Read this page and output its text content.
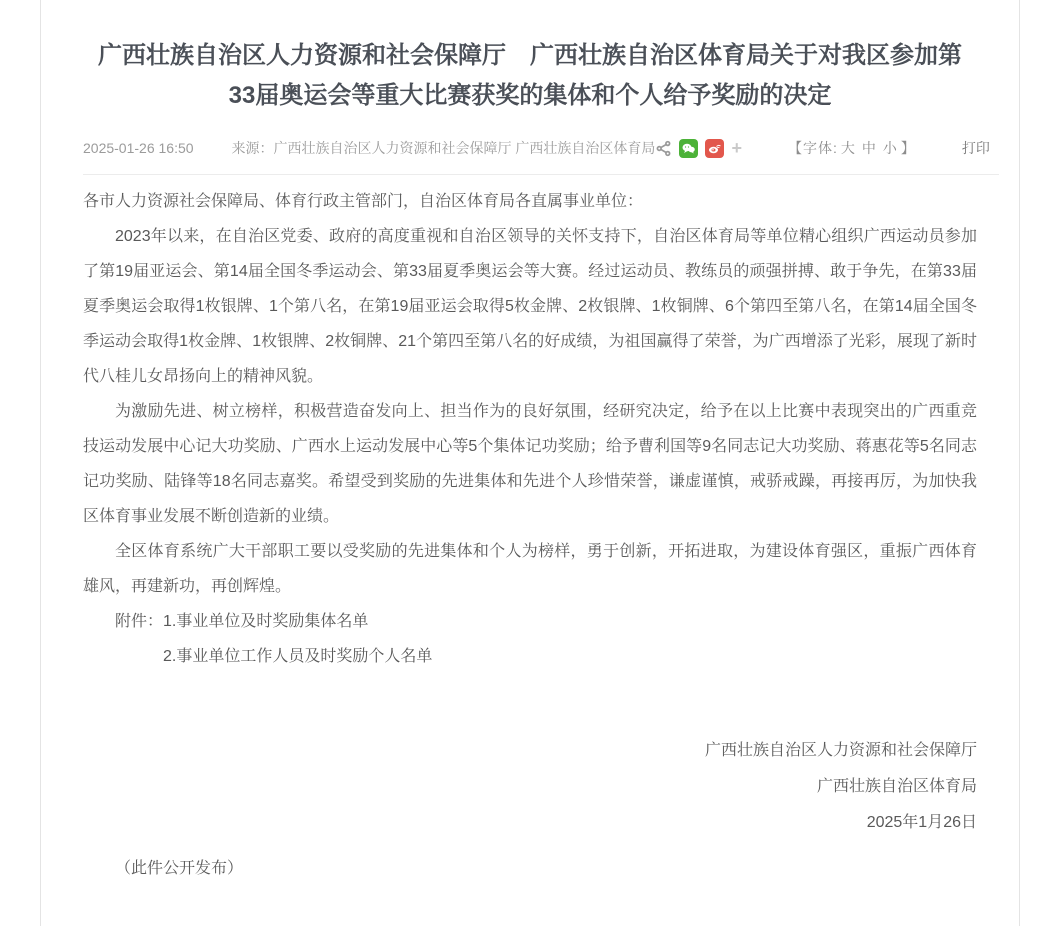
广西壮族自治区人力资源和社会保障厅　广西壮族自治区体育局关于对我区参加第33届奥运会等重大比赛获奖的集体和个人给予奖励的决定
2025-01-26 16:50	来源：广西壮族自治区人力资源和社会保障厅 广西壮族自治区体育局	+	【字体: 大 中 小 】	打印

各市人力资源社会保障局、体育行政主管部门，自治区体育局各直属事业单位：

2023年以来，在自治区党委、政府的高度重视和自治区领导的关怀支持下，自治区体育局等单位精心组织广西运动员参加了第19届亚运会、第14届全国冬季运动会、第33届夏季奥运会等大赛。经过运动员、教练员的顽强拼搏、敢于争先，在第33届夏季奥运会取得1枚银牌、1个第八名，在第19届亚运会取得5枚金牌、2枚银牌、1枚铜牌、6个第四至第八名，在第14届全国冬季运动会取得1枚金牌、1枚银牌、2枚铜牌、21个第四至第八名的好成绩，为祖国赢得了荣誉，为广西增添了光彩，展现了新时代八桂儿女昂扬向上的精神风貌。

为激励先进、树立榜样，积极营造奋发向上、担当作为的良好氛围，经研究决定，给予在以上比赛中表现突出的广西重竞技运动发展中心记大功奖励、广西水上运动发展中心等5个集体记功奖励；给予曹利国等9名同志记大功奖励、蒋惠花等5名同志记功奖励、陆锋等18名同志嘉奖。希望受到奖励的先进集体和先进个人珍惜荣誉，谦虚谨慎，戒骄戒躁，再接再厉，为加快我区体育事业发展不断创造新的业绩。

全区体育系统广大干部职工要以受奖励的先进集体和个人为榜样，勇于创新，开拓进取，为建设体育强区，重振广西体育雄风，再建新功，再创辉煌。

附件：1.事业单位及时奖励集体名单

2.事业单位工作人员及时奖励个人名单

广西壮族自治区人力资源和社会保障厅

广西壮族自治区体育局

2025年1月26日

（此件公开发布）
